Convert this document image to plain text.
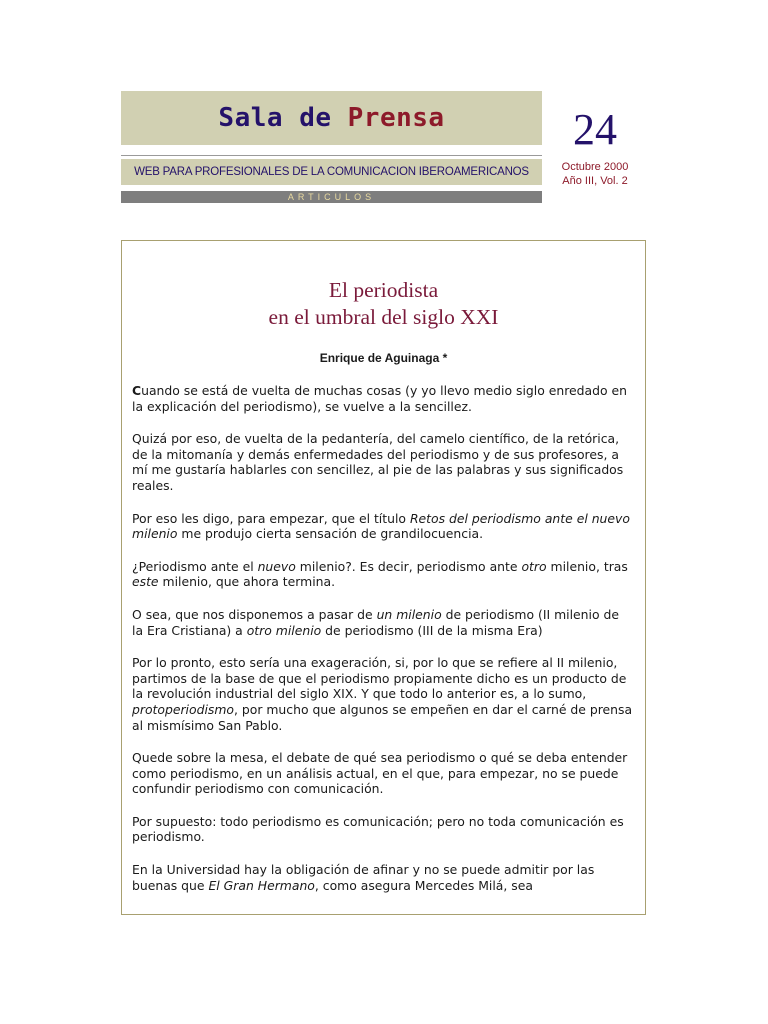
Sala de Prensa
WEB PARA PROFESIONALES DE LA COMUNICACION IBEROAMERICANOS
ARTICULOS
24
Octubre 2000
Año III, Vol. 2
El periodista
en el umbral del siglo XXI
Enrique de Aguinaga *

Cuando se está de vuelta de muchas cosas (y yo llevo medio siglo enredado en la explicación del periodismo), se vuelve a la sencillez.

Quizá por eso, de vuelta de la pedantería, del camelo científico, de la retórica, de la mitomanía y demás enfermedades del periodismo y de sus profesores, a mí me gustaría hablarles con sencillez, al pie de las palabras y sus significados reales.

Por eso les digo, para empezar, que el título Retos del periodismo ante el nuevo milenio me produjo cierta sensación de grandilocuencia.

¿Periodismo ante el nuevo milenio?. Es decir, periodismo ante otro milenio, tras este milenio, que ahora termina.

O sea, que nos disponemos a pasar de un milenio de periodismo (II milenio de la Era Cristiana) a otro milenio de periodismo (III de la misma Era)

Por lo pronto, esto sería una exageración, si, por lo que se refiere al II milenio, partimos de la base de que el periodismo propiamente dicho es un producto de la revolución industrial del siglo XIX. Y que todo lo anterior es, a lo sumo, protoperiodismo, por mucho que algunos se empeñen en dar el carné de prensa al mismísimo San Pablo.

Quede sobre la mesa, el debate de qué sea periodismo o qué se deba entender como periodismo, en un análisis actual, en el que, para empezar, no se puede confundir periodismo con comunicación.

Por supuesto: todo periodismo es comunicación; pero no toda comunicación es periodismo.

En la Universidad hay la obligación de afinar y no se puede admitir por las buenas que El Gran Hermano, como asegura Mercedes Milá, sea
